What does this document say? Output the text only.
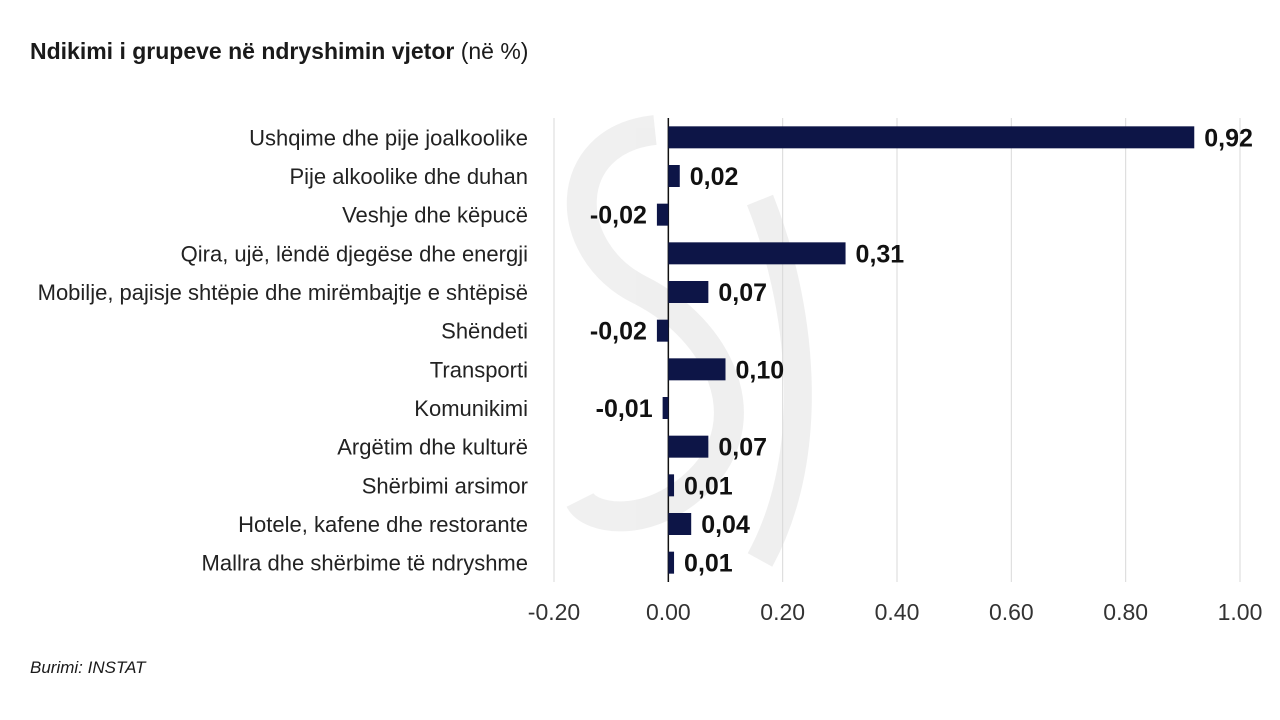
Ndikimi i grupeve në ndryshimin vjetor (në %)
Ushqime dhe pije joalkoolike
Pije alkoolike dhe duhan
Veshje dhe këpucë
Qira, ujë, lëndë djegëse dhe energji
Mobilje, pajisje shtëpie dhe mirëmbajtje e shtëpisë
Shëndeti
Transporti
Komunikimi
Argëtim dhe kulturë
Shërbimi arsimor
Hotele, kafene dhe restorante
Mallra dhe shërbime të ndryshme
0,92
0,02
-0,02
0,31
0,07
-0,02
0,10
-0,01
0,07
0,01
0,04
0,01
-0.20	0.00	0.20	0.40	0.60	0.80	1.00
Burimi: INSTAT
